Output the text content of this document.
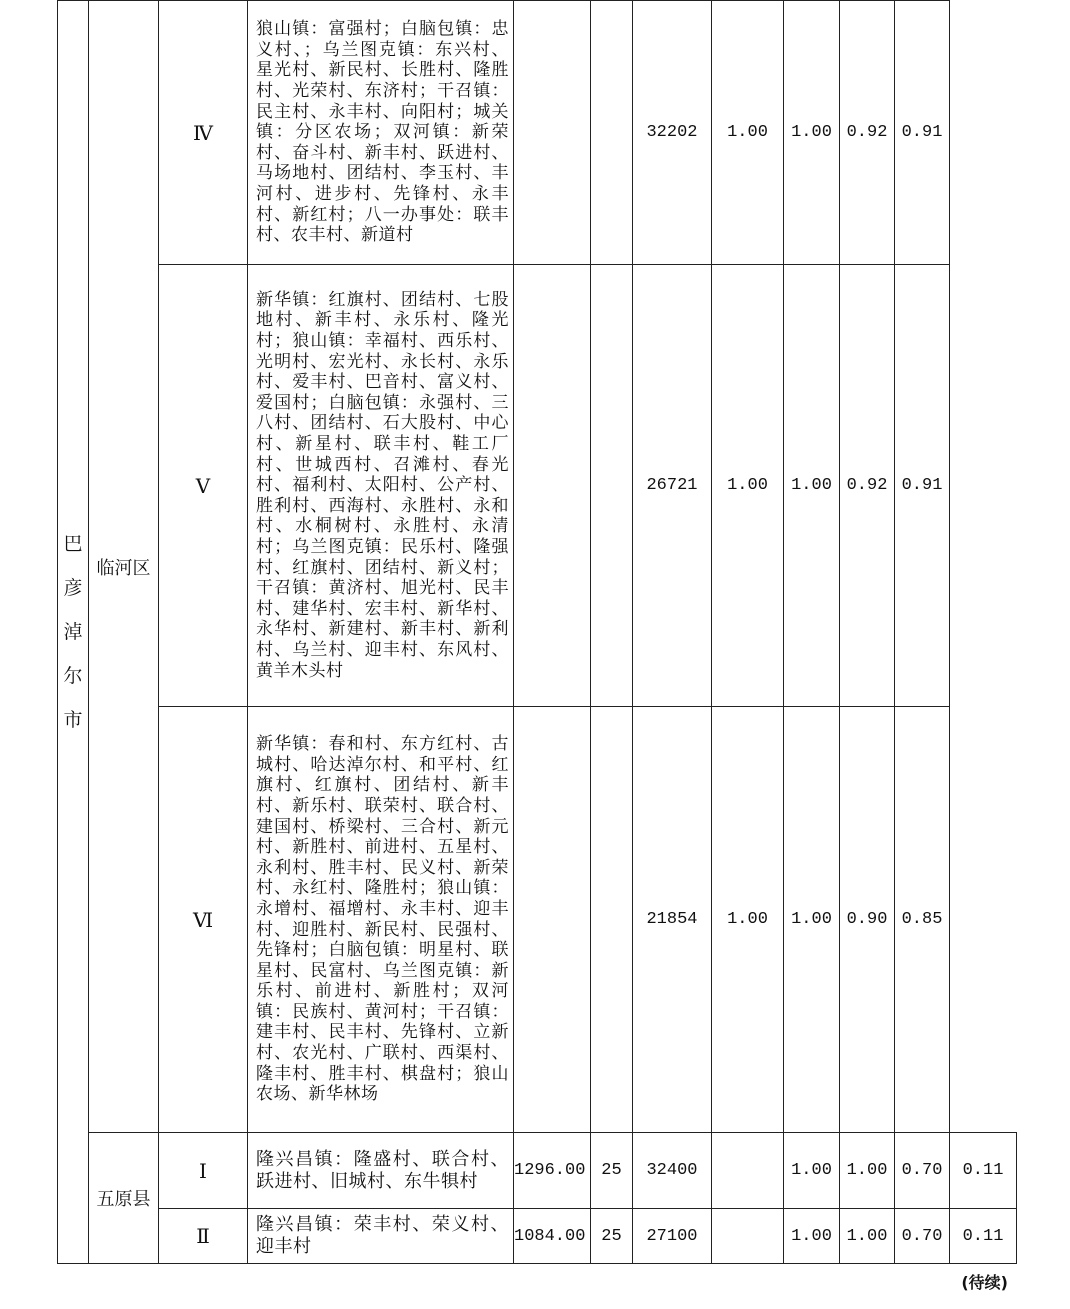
巴
彦
淖
尔
市	临河区	Ⅳ	狼山镇：富强村；白脑包镇：忠义村、；乌兰图克镇：东兴村、星光村、新民村、长胜村、隆胜村、光荣村、东济村；干召镇：民主村、永丰村、向阳村；城关镇：分区农场；双河镇：新荣村、奋斗村、新丰村、跃进村、马场地村、团结村、李玉村、丰河村、进步村、先锋村、永丰村、新红村；八一办事处：联丰村、农丰村、新道村			32202	1.00	1.00	0.92	0.91	
		Ⅴ	新华镇：红旗村、团结村、七股地村、新丰村、永乐村、隆光村；狼山镇：幸福村、西乐村、光明村、宏光村、永长村、永乐村、爱丰村、巴音村、富义村、爱国村；白脑包镇：永强村、三八村、团结村、石大股村、中心村、新星村、联丰村、鞋工厂村、世城西村、召滩村、春光村、福利村、太阳村、公产村、胜利村、西海村、永胜村、永和村、水桐树村、永胜村、永清村；乌兰图克镇：民乐村、隆强村、红旗村、团结村、新义村；干召镇：黄济村、旭光村、民丰村、建华村、宏丰村、新华村、永华村、新建村、新丰村、新利村、乌兰村、迎丰村、东风村、黄羊木头村			26721	1.00	1.00	0.92	0.91	
		Ⅵ	新华镇：春和村、东方红村、古城村、哈达淖尔村、和平村、红旗村、红旗村、团结村、新丰村、新乐村、联荣村、联合村、建国村、桥梁村、三合村、新元村、新胜村、前进村、五星村、永利村、胜丰村、民义村、新荣村、永红村、隆胜村；狼山镇：永增村、福增村、永丰村、迎丰村、迎胜村、新民村、民强村、先锋村；白脑包镇：明星村、联星村、民富村、乌兰图克镇：新乐村、前进村、新胜村；双河镇：民族村、黄河村；干召镇：建丰村、民丰村、先锋村、立新村、农光村、广联村、西渠村、隆丰村、胜丰村、棋盘村；狼山农场、新华林场			21854	1.00	1.00	0.90	0.85	
	五原县	Ⅰ	隆兴昌镇：隆盛村、联合村、跃进村、旧城村、东牛犋村	1296.00	25	32400		1.00	1.00	0.70	0.11
		Ⅱ	隆兴昌镇：荣丰村、荣义村、迎丰村	1084.00	25	27100		1.00	1.00	0.70	0.11
(待续)
